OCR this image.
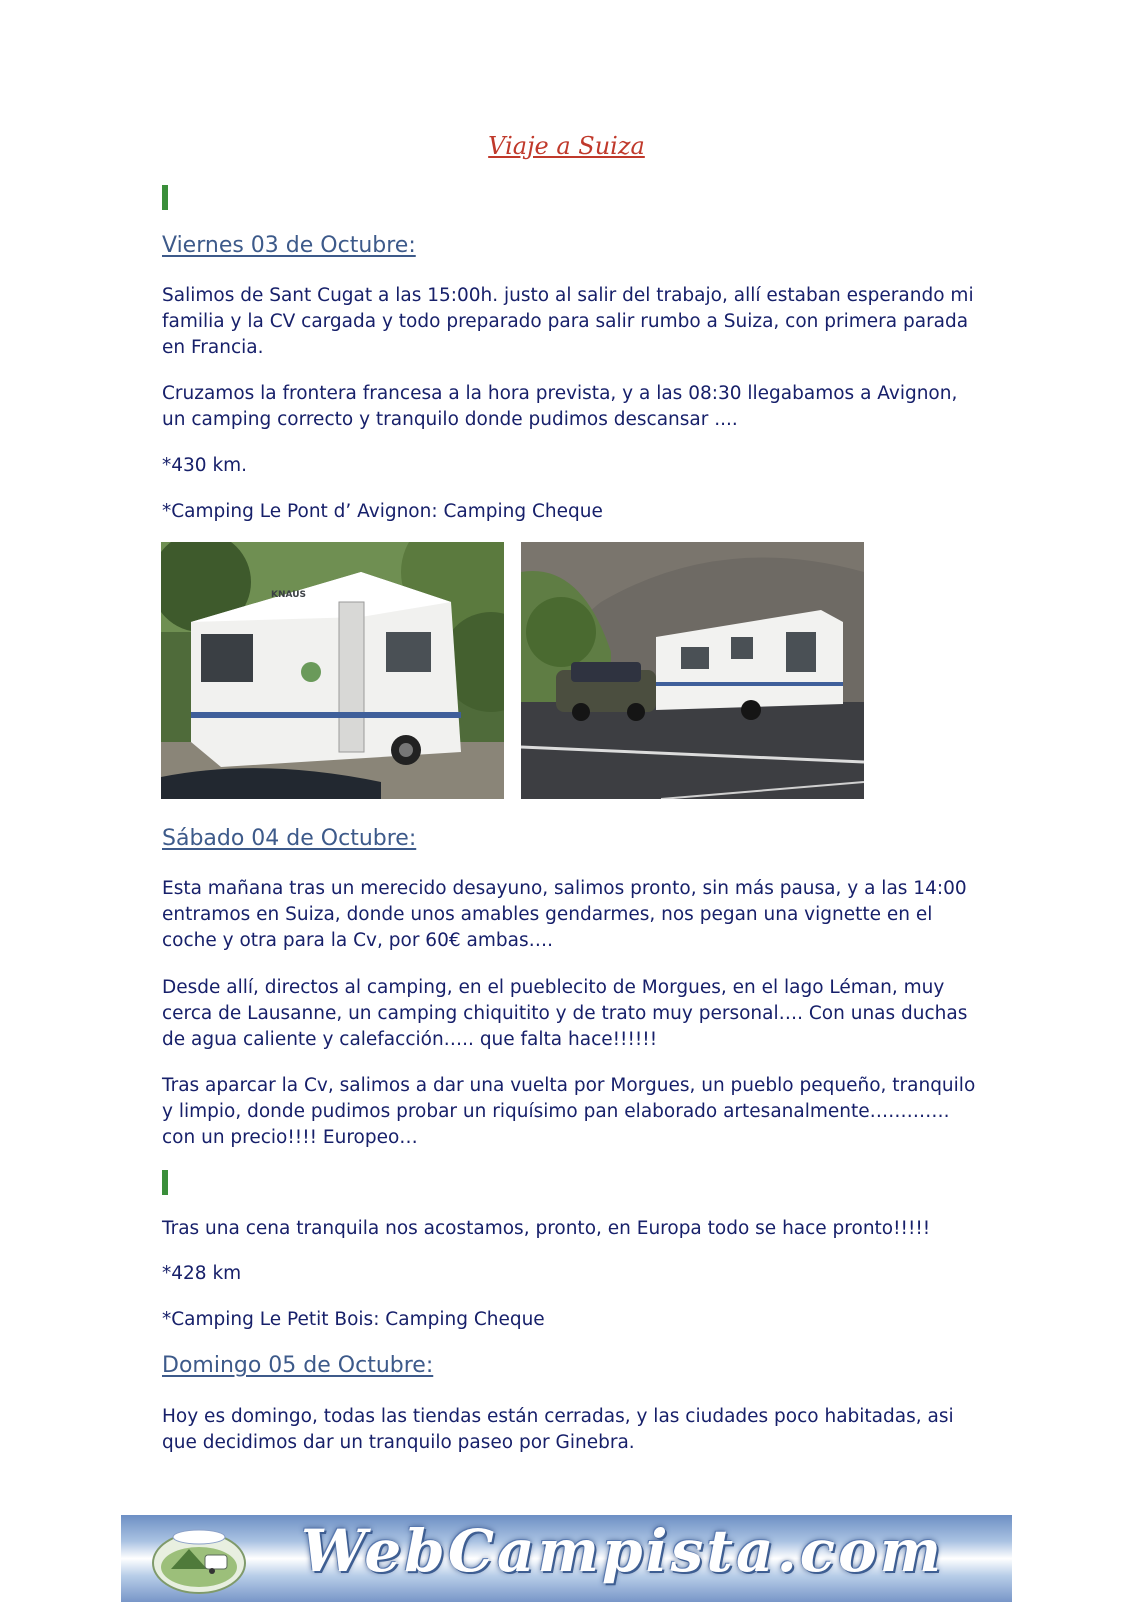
Viaje a Suiza
Viernes 03 de Octubre:

Salimos de Sant Cugat a las 15:00h. justo al salir del trabajo, allí estaban esperando mi familia y la CV cargada y todo preparado para salir rumbo a Suiza, con primera parada en Francia.

Cruzamos la frontera francesa a la hora prevista, y a las 08:30 llegabamos a Avignon, un camping correcto y tranquilo donde pudimos descansar ....

*430 km.

*Camping Le Pont d’ Avignon: Camping Cheque

KNAUS
Sábado 04 de Octubre:

Esta mañana tras un merecido desayuno, salimos pronto, sin más pausa, y a las 14:00 entramos en Suiza, donde unos amables gendarmes, nos pegan una vignette en el coche y otra para la Cv, por 60€ ambas….

Desde allí, directos al camping, en el pueblecito de Morgues, en el lago Léman, muy cerca de Lausanne, un camping chiquitito y de trato muy personal…. Con unas duchas de agua caliente y calefacción….. que falta hace!!!!!!

Tras aparcar la Cv, salimos a dar una vuelta por Morgues, un pueblo pequeño, tranquilo y limpio, donde pudimos probar un riquísimo pan elaborado artesanalmente…………. con un precio!!!! Europeo…

Tras una cena tranquila nos acostamos, pronto, en Europa todo se hace pronto!!!!!

*428 km

*Camping Le Petit Bois: Camping Cheque

Domingo 05 de Octubre:

Hoy es domingo, todas las tiendas están cerradas, y las ciudades poco habitadas, asi que decidimos dar un tranquilo paseo por Ginebra.

WebCampista.com
